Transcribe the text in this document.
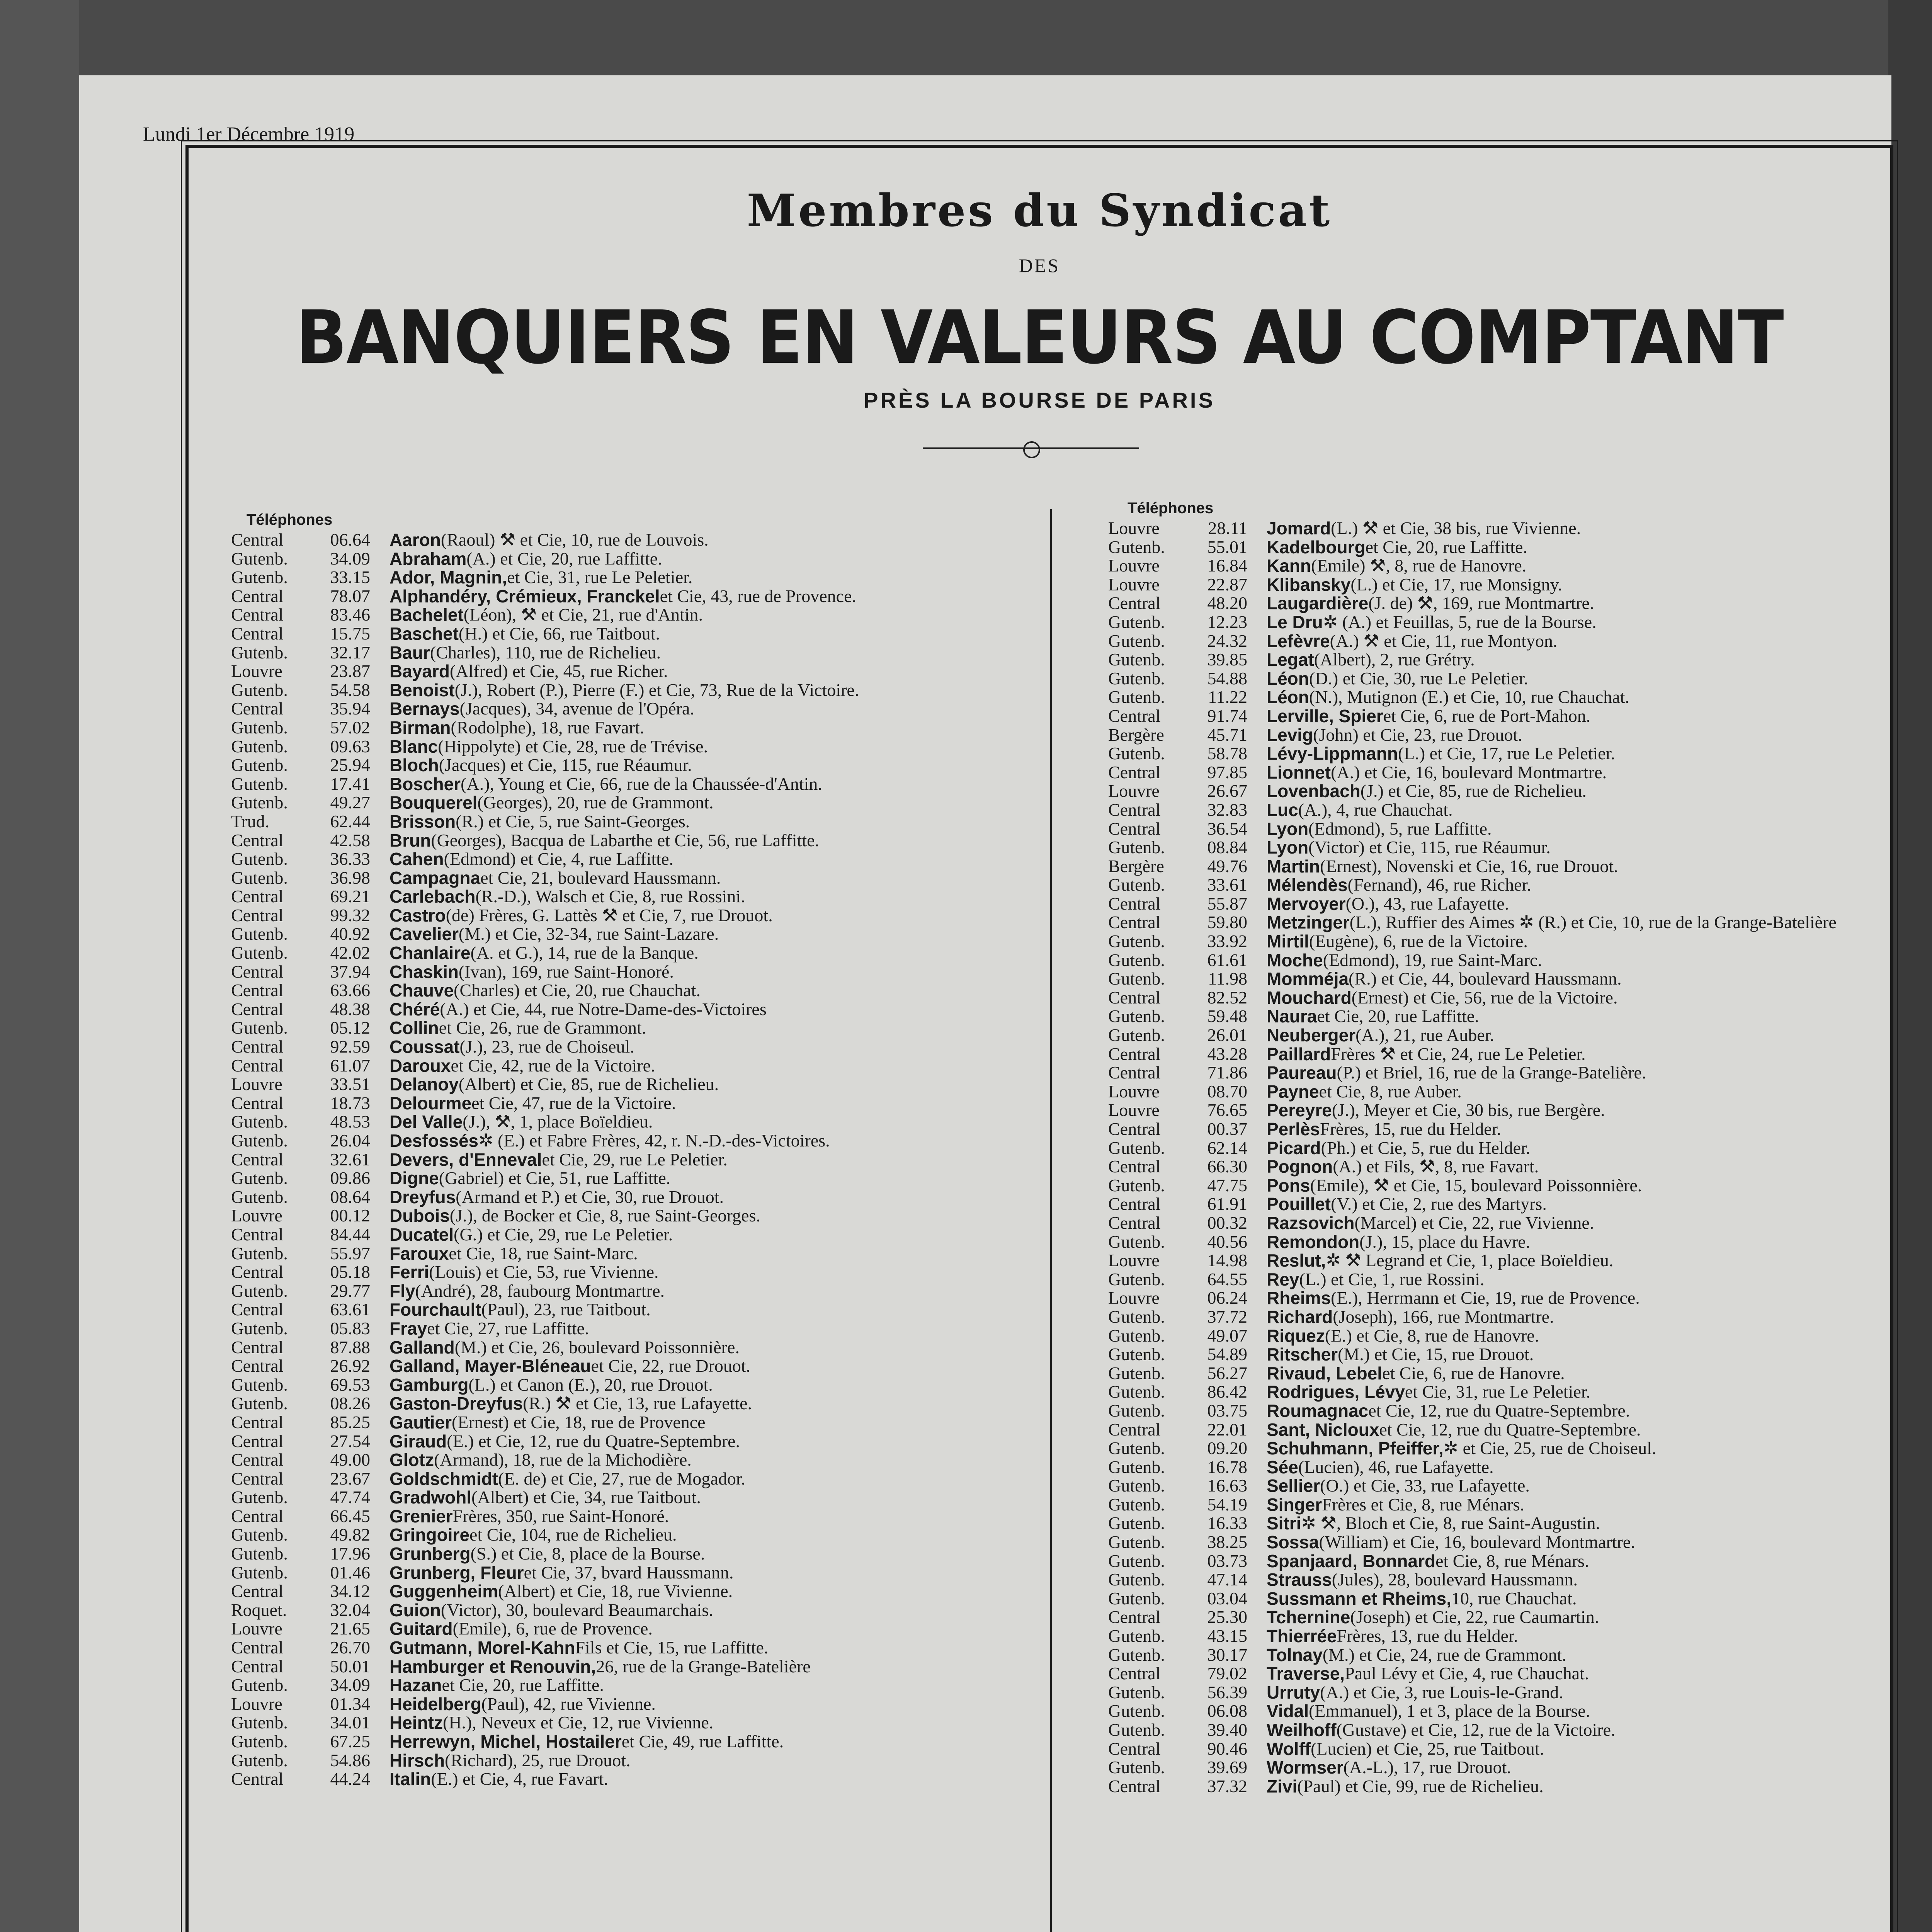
Lundi 1er Décembre 1919
Membres du Syndicat
DES
BANQUIERS EN VALEURS AU COMPTANT
PRÈS LA BOURSE DE PARIS
Téléphones
Téléphones
Central	06.64 Aaron (Raoul) ⚒ et Cie, 10, rue de Louvois.
Gutenb.	34.09 Abraham (A.) et Cie, 20, rue Laffitte.
Gutenb.	33.15 Ador, Magnin, et Cie, 31, rue Le Peletier.
Central	78.07 Alphandéry, Crémieux, Franckel et Cie, 43, rue de Provence.
Central	83.46 Bachelet (Léon), ⚒ et Cie, 21, rue d'Antin.
Central	15.75 Baschet (H.) et Cie, 66, rue Taitbout.
Gutenb.	32.17 Baur (Charles), 110, rue de Richelieu.
Louvre	23.87 Bayard (Alfred) et Cie, 45, rue Richer.
Gutenb.	54.58 Benoist (J.), Robert (P.), Pierre (F.) et Cie, 73, Rue de la Victoire.
Central	35.94 Bernays (Jacques), 34, avenue de l'Opéra.
Gutenb.	57.02 Birman (Rodolphe), 18, rue Favart.
Gutenb.	09.63 Blanc (Hippolyte) et Cie, 28, rue de Trévise.
Gutenb.	25.94 Bloch (Jacques) et Cie, 115, rue Réaumur.
Gutenb.	17.41 Boscher (A.), Young et Cie, 66, rue de la Chaussée-d'Antin.
Gutenb.	49.27 Bouquerel (Georges), 20, rue de Grammont.
Trud.	62.44 Brisson (R.) et Cie, 5, rue Saint-Georges.
Central	42.58 Brun (Georges), Bacqua de Labarthe et Cie, 56, rue Laffitte.
Gutenb.	36.33 Cahen (Edmond) et Cie, 4, rue Laffitte.
Gutenb.	36.98 Campagna et Cie, 21, boulevard Haussmann.
Central	69.21 Carlebach (R.-D.), Walsch et Cie, 8, rue Rossini.
Central	99.32 Castro (de) Frères, G. Lattès ⚒ et Cie, 7, rue Drouot.
Gutenb.	40.92 Cavelier (M.) et Cie, 32-34, rue Saint-Lazare.
Gutenb.	42.02 Chanlaire (A. et G.), 14, rue de la Banque.
Central	37.94 Chaskin (Ivan), 169, rue Saint-Honoré.
Central	63.66 Chauve (Charles) et Cie, 20, rue Chauchat.
Central	48.38 Chéré (A.) et Cie, 44, rue Notre-Dame-des-Victoires
Gutenb.	05.12 Collin et Cie, 26, rue de Grammont.
Central	92.59 Coussat (J.), 23, rue de Choiseul.
Central	61.07 Daroux et Cie, 42, rue de la Victoire.
Louvre	33.51 Delanoy (Albert) et Cie, 85, rue de Richelieu.
Central	18.73 Delourme et Cie, 47, rue de la Victoire.
Gutenb.	48.53 Del Valle (J.), ⚒, 1, place Boïeldieu.
Gutenb.	26.04 Desfossés ✲ (E.) et Fabre Frères, 42, r. N.-D.-des-Victoires.
Central	32.61 Devers, d'Enneval et Cie, 29, rue Le Peletier.
Gutenb.	09.86 Digne (Gabriel) et Cie, 51, rue Laffitte.
Gutenb.	08.64 Dreyfus (Armand et P.) et Cie, 30, rue Drouot.
Louvre	00.12 Dubois (J.), de Bocker et Cie, 8, rue Saint-Georges.
Central	84.44 Ducatel (G.) et Cie, 29, rue Le Peletier.
Gutenb.	55.97 Faroux et Cie, 18, rue Saint-Marc.
Central	05.18 Ferri (Louis) et Cie, 53, rue Vivienne.
Gutenb.	29.77 Fly (André), 28, faubourg Montmartre.
Central	63.61 Fourchault (Paul), 23, rue Taitbout.
Gutenb.	05.83 Fray et Cie, 27, rue Laffitte.
Central	87.88 Galland (M.) et Cie, 26, boulevard Poissonnière.
Central	26.92 Galland, Mayer-Bléneau et Cie, 22, rue Drouot.
Gutenb.	69.53 Gamburg (L.) et Canon (E.), 20, rue Drouot.
Gutenb.	08.26 Gaston-Dreyfus (R.) ⚒ et Cie, 13, rue Lafayette.
Central	85.25 Gautier (Ernest) et Cie, 18, rue de Provence
Central	27.54 Giraud (E.) et Cie, 12, rue du Quatre-Septembre.
Central	49.00 Glotz (Armand), 18, rue de la Michodière.
Central	23.67 Goldschmidt (E. de) et Cie, 27, rue de Mogador.
Gutenb.	47.74 Gradwohl (Albert) et Cie, 34, rue Taitbout.
Central	66.45 Grenier Frères, 350, rue Saint-Honoré.
Gutenb.	49.82 Gringoire et Cie, 104, rue de Richelieu.
Gutenb.	17.96 Grunberg (S.) et Cie, 8, place de la Bourse.
Gutenb.	01.46 Grunberg, Fleur et Cie, 37, bvard Haussmann.
Central	34.12 Guggenheim (Albert) et Cie, 18, rue Vivienne.
Roquet.	32.04 Guion (Victor), 30, boulevard Beaumarchais.
Louvre	21.65 Guitard (Emile), 6, rue de Provence.
Central	26.70 Gutmann, Morel-Kahn Fils et Cie, 15, rue Laffitte.
Central	50.01 Hamburger et Renouvin, 26, rue de la Grange-Batelière
Gutenb.	34.09 Hazan et Cie, 20, rue Laffitte.
Louvre	01.34 Heidelberg (Paul), 42, rue Vivienne.
Gutenb.	34.01 Heintz (H.), Neveux et Cie, 12, rue Vivienne.
Gutenb.	67.25 Herrewyn, Michel, Hostailer et Cie, 49, rue Laffitte.
Gutenb.	54.86 Hirsch (Richard), 25, rue Drouot.
Central	44.24 Italin (E.) et Cie, 4, rue Favart.
Louvre	28.11 Jomard (L.) ⚒ et Cie, 38 bis, rue Vivienne.
Gutenb.	55.01 Kadelbourg et Cie, 20, rue Laffitte.
Louvre	16.84 Kann (Emile) ⚒, 8, rue de Hanovre.
Louvre	22.87 Klibansky (L.) et Cie, 17, rue Monsigny.
Central	48.20 Laugardière (J. de) ⚒, 169, rue Montmartre.
Gutenb.	12.23 Le Dru ✲ (A.) et Feuillas, 5, rue de la Bourse.
Gutenb.	24.32 Lefèvre (A.) ⚒ et Cie, 11, rue Montyon.
Gutenb.	39.85 Legat (Albert), 2, rue Grétry.
Gutenb.	54.88 Léon (D.) et Cie, 30, rue Le Peletier.
Gutenb.	11.22 Léon (N.), Mutignon (E.) et Cie, 10, rue Chauchat.
Central	91.74 Lerville, Spier et Cie, 6, rue de Port-Mahon.
Bergère	45.71 Levig (John) et Cie, 23, rue Drouot.
Gutenb.	58.78 Lévy-Lippmann (L.) et Cie, 17, rue Le Peletier.
Central	97.85 Lionnet (A.) et Cie, 16, boulevard Montmartre.
Louvre	26.67 Lovenbach (J.) et Cie, 85, rue de Richelieu.
Central	32.83 Luc (A.), 4, rue Chauchat.
Central	36.54 Lyon (Edmond), 5, rue Laffitte.
Gutenb.	08.84 Lyon (Victor) et Cie, 115, rue Réaumur.
Bergère	49.76 Martin (Ernest), Novenski et Cie, 16, rue Drouot.
Gutenb.	33.61 Mélendès (Fernand), 46, rue Richer.
Central	55.87 Mervoyer (O.), 43, rue Lafayette.
Central	59.80 Metzinger (L.), Ruffier des Aimes ✲ (R.) et Cie, 10, rue de la Grange-Batelière
Gutenb.	33.92 Mirtil (Eugène), 6, rue de la Victoire.
Gutenb.	61.61 Moche (Edmond), 19, rue Saint-Marc.
Gutenb.	11.98 Momméja (R.) et Cie, 44, boulevard Haussmann.
Central	82.52 Mouchard (Ernest) et Cie, 56, rue de la Victoire.
Gutenb.	59.48 Naura et Cie, 20, rue Laffitte.
Gutenb.	26.01 Neuberger (A.), 21, rue Auber.
Central	43.28 Paillard Frères ⚒ et Cie, 24, rue Le Peletier.
Central	71.86 Paureau (P.) et Briel, 16, rue de la Grange-Batelière.
Louvre	08.70 Payne et Cie, 8, rue Auber.
Louvre	76.65 Pereyre (J.), Meyer et Cie, 30 bis, rue Bergère.
Central	00.37 Perlès Frères, 15, rue du Helder.
Gutenb.	62.14 Picard (Ph.) et Cie, 5, rue du Helder.
Central	66.30 Pognon (A.) et Fils, ⚒, 8, rue Favart.
Gutenb.	47.75 Pons (Emile), ⚒ et Cie, 15, boulevard Poissonnière.
Central	61.91 Pouillet (V.) et Cie, 2, rue des Martyrs.
Central	00.32 Razsovich (Marcel) et Cie, 22, rue Vivienne.
Gutenb.	40.56 Remondon (J.), 15, place du Havre.
Louvre	14.98 Reslut, ✲ ⚒ Legrand et Cie, 1, place Boïeldieu.
Gutenb.	64.55 Rey (L.) et Cie, 1, rue Rossini.
Louvre	06.24 Rheims (E.), Herrmann et Cie, 19, rue de Provence.
Gutenb.	37.72 Richard (Joseph), 166, rue Montmartre.
Gutenb.	49.07 Riquez (E.) et Cie, 8, rue de Hanovre.
Gutenb.	54.89 Ritscher (M.) et Cie, 15, rue Drouot.
Gutenb.	56.27 Rivaud, Lebel et Cie, 6, rue de Hanovre.
Gutenb.	86.42 Rodrigues, Lévy et Cie, 31, rue Le Peletier.
Gutenb.	03.75 Roumagnac et Cie, 12, rue du Quatre-Septembre.
Central	22.01 Sant, Nicloux et Cie, 12, rue du Quatre-Septembre.
Gutenb.	09.20 Schuhmann, Pfeiffer, ✲ et Cie, 25, rue de Choiseul.
Gutenb.	16.78 Sée (Lucien), 46, rue Lafayette.
Gutenb.	16.63 Sellier (O.) et Cie, 33, rue Lafayette.
Gutenb.	54.19 Singer Frères et Cie, 8, rue Ménars.
Gutenb.	16.33 Sitri ✲ ⚒, Bloch et Cie, 8, rue Saint-Augustin.
Gutenb.	38.25 Sossa (William) et Cie, 16, boulevard Montmartre.
Gutenb.	03.73 Spanjaard, Bonnard et Cie, 8, rue Ménars.
Gutenb.	47.14 Strauss (Jules), 28, boulevard Haussmann.
Gutenb.	03.04 Sussmann et Rheims, 10, rue Chauchat.
Central	25.30 Tchernine (Joseph) et Cie, 22, rue Caumartin.
Gutenb.	43.15 Thierrée Frères, 13, rue du Helder.
Gutenb.	30.17 Tolnay (M.) et Cie, 24, rue de Grammont.
Central	79.02 Traverse, Paul Lévy et Cie, 4, rue Chauchat.
Gutenb.	56.39 Urruty (A.) et Cie, 3, rue Louis-le-Grand.
Gutenb.	06.08 Vidal (Emmanuel), 1 et 3, place de la Bourse.
Gutenb.	39.40 Weilhoff (Gustave) et Cie, 12, rue de la Victoire.
Central	90.46 Wolff (Lucien) et Cie, 25, rue Taitbout.
Gutenb.	39.69 Wormser (A.-L.), 17, rue Drouot.
Central	37.32 Zivi (Paul) et Cie, 99, rue de Richelieu.
